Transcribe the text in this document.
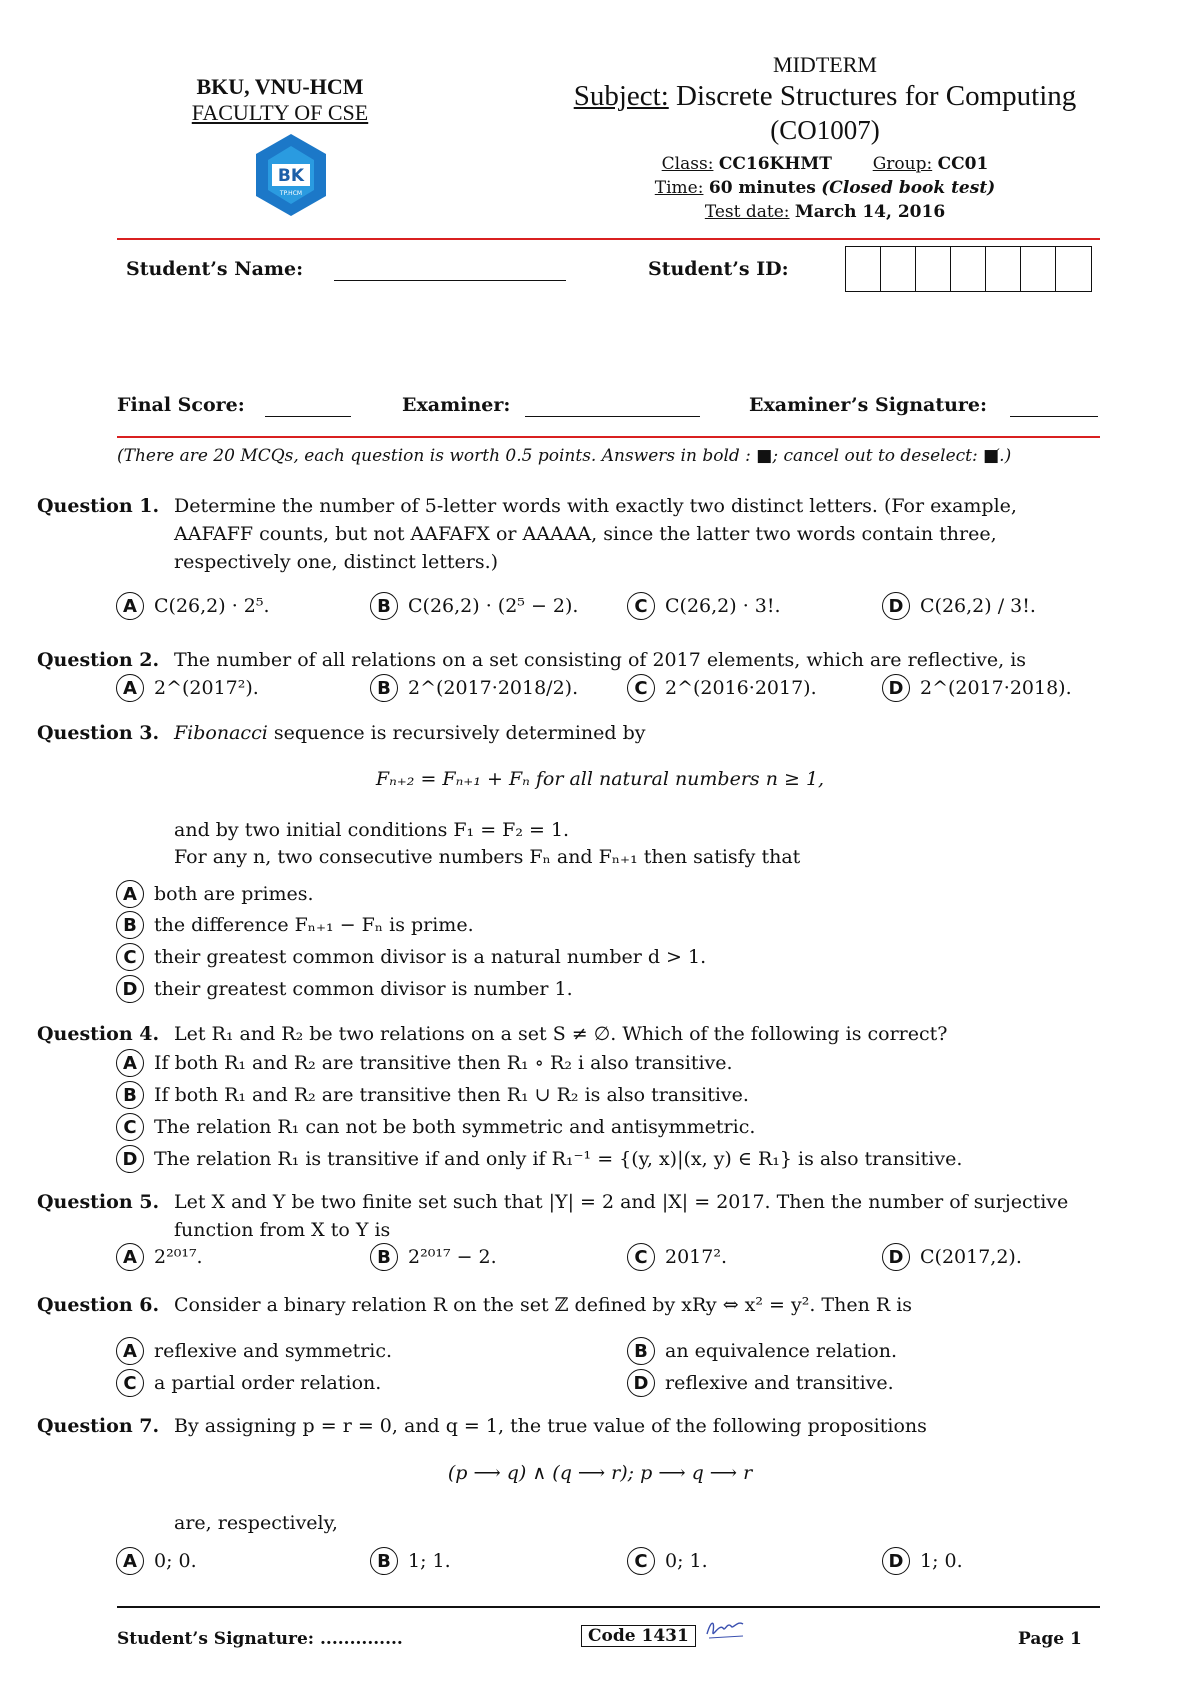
BKU, VNU-HCM
FACULTY OF CSE
BK
TP.HCM
MIDTERM
Subject: Discrete Structures for Computing
(CO1007)
Class: CC16KHMT Group: CC01
Time: 60 minutes (Closed book test)
Test date: March 14, 2016
Student’s Name:	Student’s ID:
Final Score:	Examiner:	Examiner’s Signature:
(There are 20 MCQs, each question is worth 0.5 points. Answers in bold : ■; cancel out to deselect: ■̸.)
Question 1. Determine the number of 5-letter words with exactly two distinct letters. (For example, AAFAFF counts, but not AAFAFX or AAAAA, since the latter two words contain three, respectively one, distinct letters.)
A C(26,2) · 2⁵.	B C(26,2) · (2⁵ − 2).	C C(26,2) · 3!.	D C(26,2) / 3!.
Question 2. The number of all relations on a set consisting of 2017 elements, which are reflective, is
A 2^(2017²).	B 2^(2017·2018/2).	C 2^(2016·2017).	D 2^(2017·2018).
Question 3. Fibonacci sequence is recursively determined by
Fₙ₊₂ = Fₙ₊₁ + Fₙ for all natural numbers n ≥ 1,
and by two initial conditions F₁ = F₂ = 1.
For any n, two consecutive numbers Fₙ and Fₙ₊₁ then satisfy that
A both are primes.
B the difference Fₙ₊₁ − Fₙ is prime.
C their greatest common divisor is a natural number d > 1.
D their greatest common divisor is number 1.
Question 4. Let R₁ and R₂ be two relations on a set S ≠ ∅. Which of the following is correct?
A If both R₁ and R₂ are transitive then R₁ ∘ R₂ i also transitive.
B If both R₁ and R₂ are transitive then R₁ ∪ R₂ is also transitive.
C The relation R₁ can not be both symmetric and antisymmetric.
D The relation R₁ is transitive if and only if R₁⁻¹ = {(y, x)|(x, y) ∈ R₁} is also transitive.
Question 5. Let X and Y be two finite set such that |Y| = 2 and |X| = 2017. Then the number of surjective function from X to Y is
A 2²⁰¹⁷.	B 2²⁰¹⁷ − 2.	C 2017².	D C(2017,2).
Question 6. Consider a binary relation R on the set ℤ defined by xRy ⇔ x² = y². Then R is
A reflexive and symmetric.	B an equivalence relation.
C a partial order relation.	D reflexive and transitive.
Question 7. By assigning p = r = 0, and q = 1, the true value of the following propositions
(p ⟶ q) ∧ (q ⟶ r); p ⟶ q ⟶ r
are, respectively,
A 0; 0.	B 1; 1.	C 0; 1.	D 1; 0.
Student’s Signature: ..............	Code 1431	Page 1
